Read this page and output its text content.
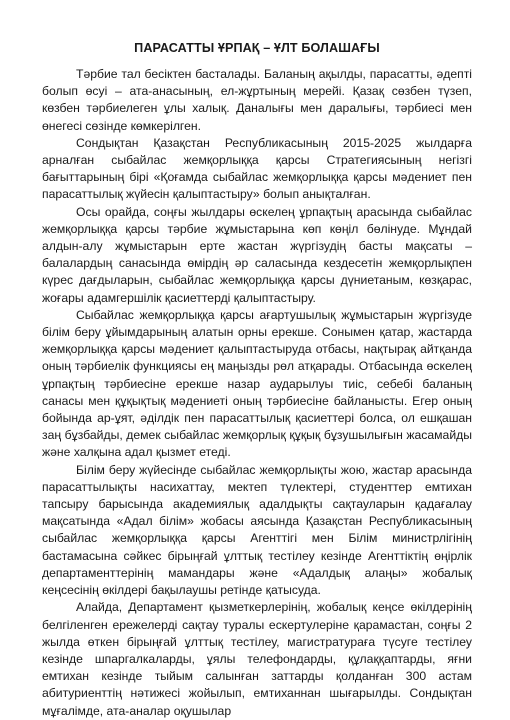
ПАРАСАТТЫ ҰРПАҚ – ҰЛТ БОЛАШАҒЫ

Тәрбие тал бесіктен басталады. Баланың ақылды, парасатты, әдепті болып өсуі – ата-анасының, ел-жұртының мерейі. Қазақ сөзбен түзеп, көзбен тәрбиелеген ұлы халық. Даналығы мен даралығы, тәрбиесі мен өнегесі сөзінде көмкерілген.

Сондықтан Қазақстан Республикасының 2015-2025 жылдарға арналған сыбайлас жемқорлыққа қарсы Стратегиясының негізгі бағыттарының бірі «Қоғамда сыбайлас жемқорлыққа қарсы мәдениет пен парасаттылық жүйесін қалыптастыру» болып анықталған.

Осы орайда, соңғы жылдары өскелең ұрпақтың арасында сыбайлас жемқорлыққа қарсы тәрбие жұмыстарына көп көңіл бөлінуде. Мұндай алдын-алу жұмыстарын ерте жастан жүргізудің басты мақсаты – балалардың санасында өмірдің әр саласында кездесетін жемқорлықпен күрес дағдыларын, сыбайлас жемқорлыққа қарсы дүниетаным, көзқарас, жоғары адамгершілік қасиеттерді қалыптастыру.

Сыбайлас жемқорлыққа қарсы ағартушылық жұмыстарын жүргізуде білім беру ұйымдарының алатын орны ерекше. Сонымен қатар, жастарда жемқорлыққа қарсы мәдениет қалыптастыруда отбасы, нақтырақ айтқанда оның тәрбиелік функциясы ең маңызды рөл атқарады. Отбасында өскелең ұрпақтың тәрбиесіне ерекше назар аударылуы тиіс, себебі баланың санасы мен құқықтық мәдениеті оның тәрбиесіне байланысты. Егер оның бойында ар-ұят, әділдік пен парасаттылық қасиеттері болса, ол ешқашан заң бұзбайды, демек сыбайлас жемқорлық құқық бұзушылығын жасамайды және халқына адал қызмет етеді.

Білім беру жүйесінде сыбайлас жемқорлықты жою, жастар арасында парасаттылықты насихаттау, мектеп түлектері, студенттер емтихан тапсыру барысында академиялық адалдықты сақтауларын қадағалау мақсатында «Адал білім» жобасы аясында Қазақстан Республикасының сыбайлас жемқорлыққа қарсы Агенттігі мен Білім министрлігінің бастамасына сәйкес бірыңғай ұлттық тестілеу кезінде Агенттіктің өңірлік департаменттерінің мамандары және «Адалдық алаңы» жобалық кеңсесінің өкілдері бақылаушы ретінде қатысуда.

Алайда, Департамент қызметкерлерінің, жобалық кеңсе өкілдерінің белгіленген ережелерді сақтау туралы ескертулеріне қарамастан, соңғы 2 жылда өткен бірыңғай ұлттық тестілеу, магистратураға түсуге тестілеу кезінде шпаргалкаларды, ұялы телефондарды, құлаққаптарды, яғни емтихан кезінде тыйым салынған заттарды қолданған 300 астам абитуриенттің нәтижесі жойылып, емтиханнан шығарылды. Сондықтан мұғалімде, ата-аналар оқушылар
